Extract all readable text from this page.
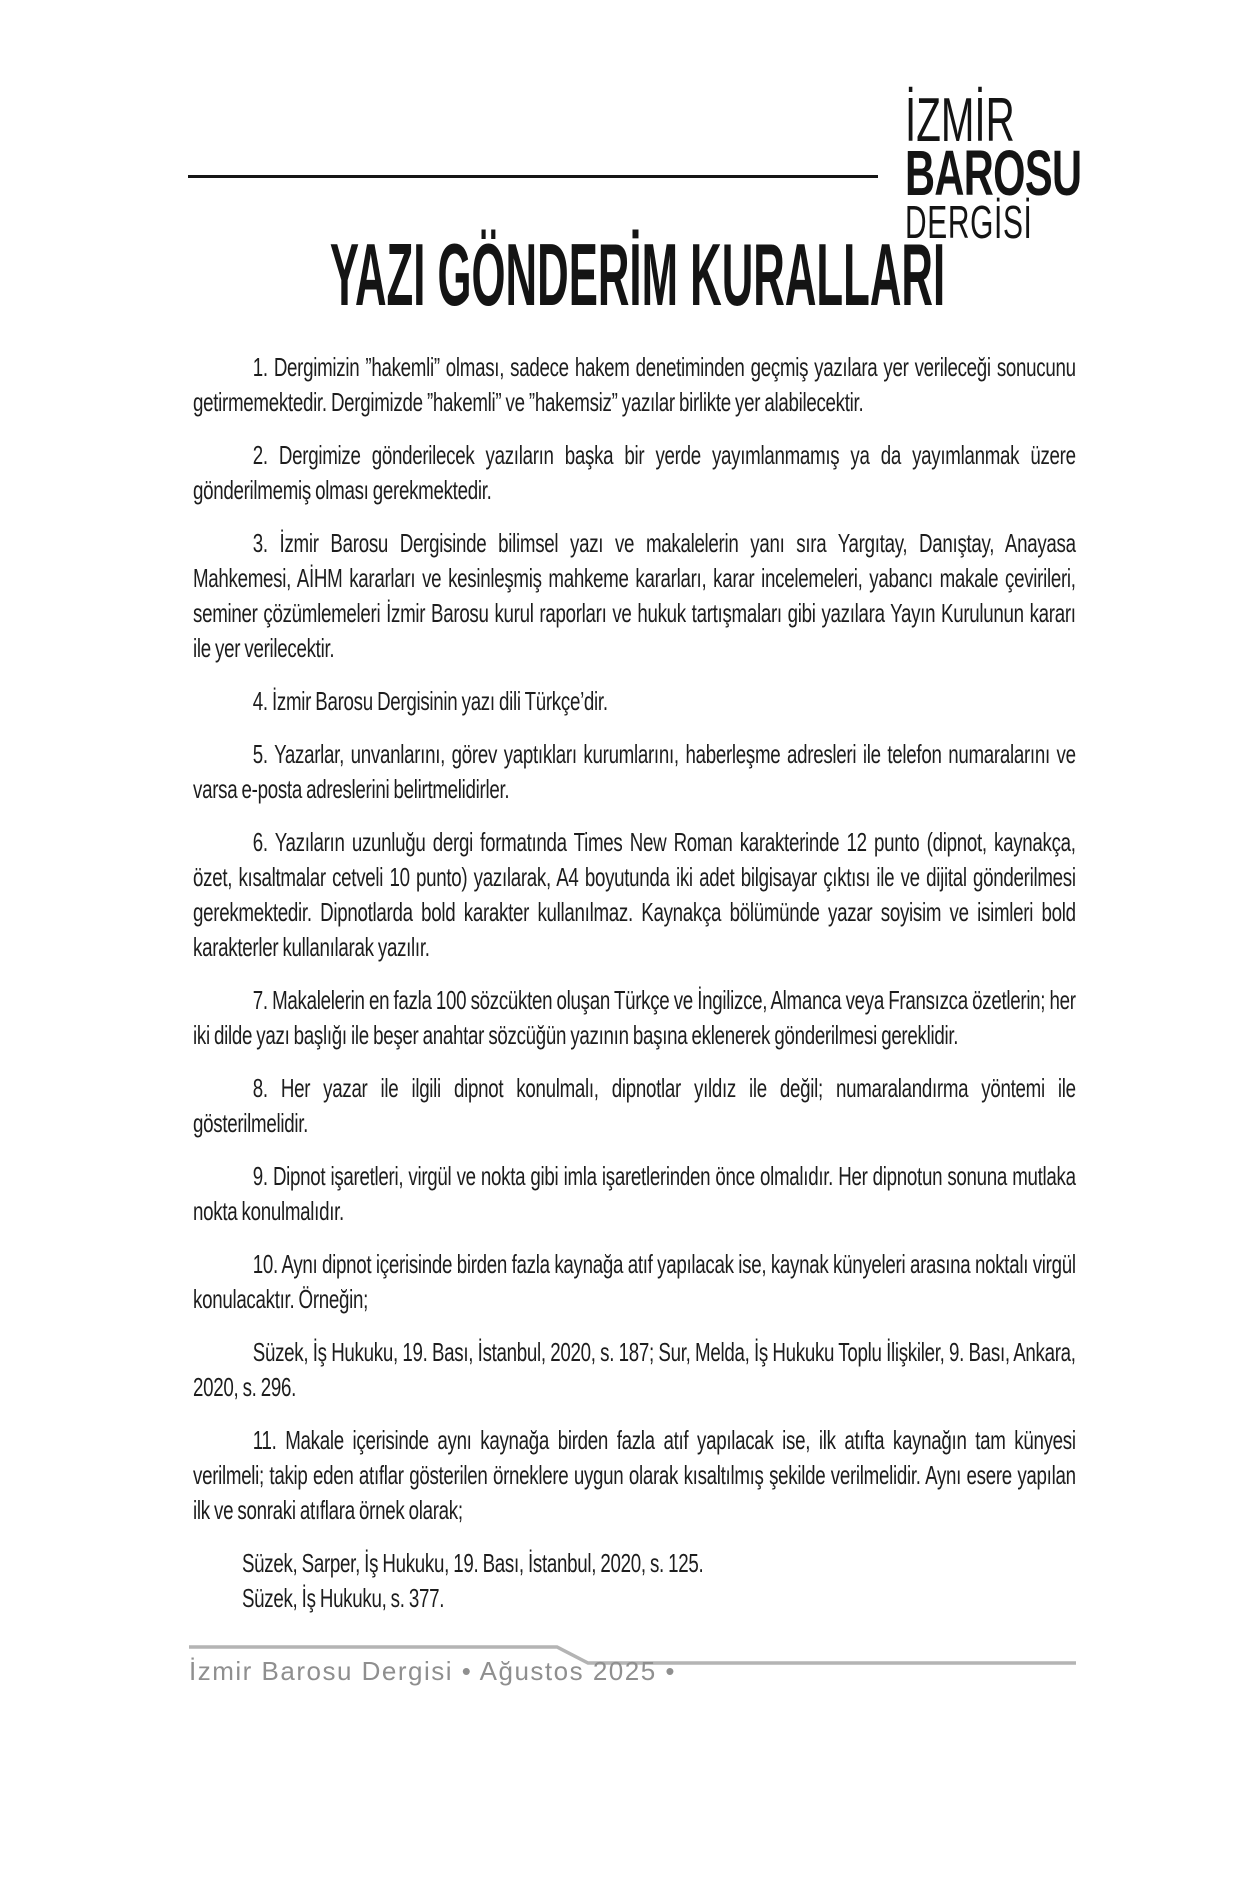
İZMİR
BAROSU
DERGİSİ
YAZI GÖNDERİM KURALLARI

1. Dergimizin ”hakemli” olması, sadece hakem denetiminden geçmiş yazılara yer verileceği sonucunu getirmemektedir. Dergimizde ”hakemli” ve ”hakemsiz” yazılar birlikte yer alabilecektir.

2. Dergimize gönderilecek yazıların başka bir yerde yayımlanmamış ya da yayımlanmak üzere gönderilmemiş olması gerekmektedir.

3. İzmir Barosu Dergisinde bilimsel yazı ve makalelerin yanı sıra Yargıtay, Danıştay, Anayasa Mahkemesi, AİHM kararları ve kesinleşmiş mahkeme kararları, karar incelemeleri, yabancı makale çevirileri, seminer çözümlemeleri İzmir Barosu kurul raporları ve hukuk tartışmaları gibi yazılara Yayın Kurulunun kararı ile yer verilecektir.

4. İzmir Barosu Dergisinin yazı dili Türkçe’dir.

5. Yazarlar, unvanlarını, görev yaptıkları kurumlarını, haberleşme adresleri ile telefon numaralarını ve varsa e-posta adreslerini belirtmelidirler.

6. Yazıların uzunluğu dergi formatında Times New Roman karakterinde 12 punto (dipnot, kaynakça, özet, kısaltmalar cetveli 10 punto) yazılarak, A4 boyutunda iki adet bilgisayar çıktısı ile ve dijital gönderilmesi gerekmektedir. Dipnotlarda bold karakter kullanılmaz. Kaynakça bölümünde yazar soyisim ve isimleri bold karakterler kullanılarak yazılır.

7. Makalelerin en fazla 100 sözcükten oluşan Türkçe ve İngilizce, Almanca veya Fransızca özetlerin; her iki dilde yazı başlığı ile beşer anahtar sözcüğün yazının başına eklenerek gönderilmesi gereklidir.

8. Her yazar ile ilgili dipnot konulmalı, dipnotlar yıldız ile değil; numaralandırma yöntemi ile gösterilmelidir.

9. Dipnot işaretleri, virgül ve nokta gibi imla işaretlerinden önce olmalıdır. Her dipnotun sonuna mutlaka nokta konulmalıdır.

10. Aynı dipnot içerisinde birden fazla kaynağa atıf yapılacak ise, kaynak künyeleri arasına noktalı virgül konulacaktır. Örneğin;

Süzek, İş Hukuku, 19. Bası, İstanbul, 2020, s. 187; Sur, Melda, İş Hukuku Toplu İlişkiler, 9. Bası, Ankara, 2020, s. 296.

11. Makale içerisinde aynı kaynağa birden fazla atıf yapılacak ise, ilk atıfta kaynağın tam künyesi verilmeli; takip eden atıflar gösterilen örneklere uygun olarak kısaltılmış şekilde verilmelidir. Aynı esere yapılan ilk ve sonraki atıflara örnek olarak;

Süzek, Sarper, İş Hukuku, 19. Bası, İstanbul, 2020, s. 125.
Süzek, İş Hukuku, s. 377.
İzmir Barosu Dergisi • Ağustos 2025 •
